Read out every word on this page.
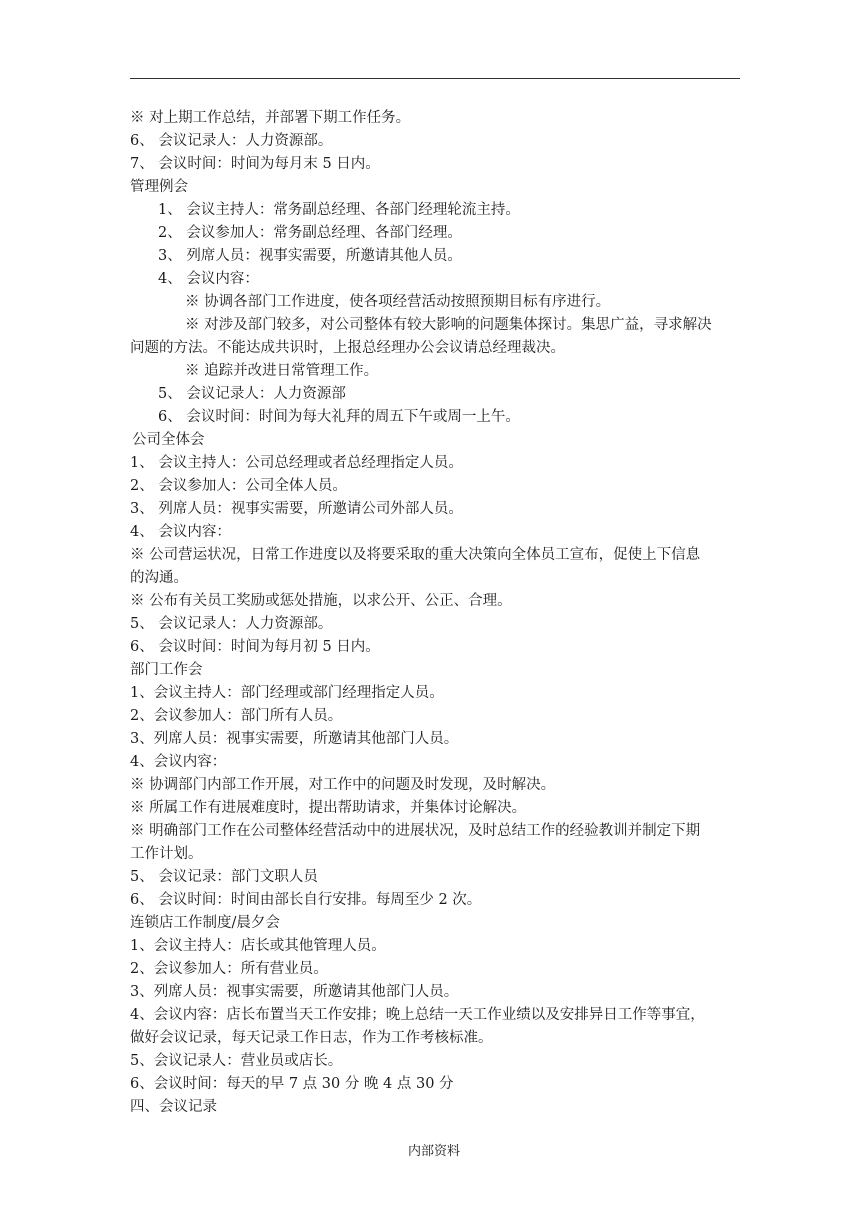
※ 对上期工作总结，并部署下期工作任务。
6、 会议记录人：人力资源部。
7、 会议时间：时间为每月末 5 日内。
管理例会
1、 会议主持人：常务副总经理、各部门经理轮流主持。
2、 会议参加人：常务副总经理、各部门经理。
3、 列席人员：视事实需要，所邀请其他人员。
4、 会议内容：
※ 协调各部门工作进度，使各项经营活动按照预期目标有序进行。
※ 对涉及部门较多，对公司整体有较大影响的问题集体探讨。集思广益，寻求解决
问题的方法。不能达成共识时，上报总经理办公会议请总经理裁决。
※ 追踪并改进日常管理工作。
5、 会议记录人：人力资源部
6、 会议时间：时间为每大礼拜的周五下午或周一上午。
公司全体会
1、 会议主持人：公司总经理或者总经理指定人员。
2、 会议参加人：公司全体人员。
3、 列席人员：视事实需要，所邀请公司外部人员。
4、 会议内容：
※ 公司营运状况，日常工作进度以及将要采取的重大决策向全体员工宣布，促使上下信息
的沟通。
※ 公布有关员工奖励或惩处措施，以求公开、公正、合理。
5、 会议记录人：人力资源部。
6、 会议时间：时间为每月初 5 日内。
部门工作会
1、会议主持人：部门经理或部门经理指定人员。
2、会议参加人：部门所有人员。
3、列席人员：视事实需要，所邀请其他部门人员。
4、会议内容：
※ 协调部门内部工作开展，对工作中的问题及时发现，及时解决。
※ 所属工作有进展难度时，提出帮助请求，并集体讨论解决。
※ 明确部门工作在公司整体经营活动中的进展状况，及时总结工作的经验教训并制定下期
工作计划。
5、 会议记录：部门文职人员
6、 会议时间：时间由部长自行安排。每周至少 2 次。
连锁店工作制度/晨夕会
1、会议主持人：店长或其他管理人员。
2、会议参加人：所有营业员。
3、列席人员：视事实需要，所邀请其他部门人员。
4、会议内容：店长布置当天工作安排；晚上总结一天工作业绩以及安排异日工作等事宜，
做好会议记录，每天记录工作日志，作为工作考核标准。
5、会议记录人：营业员或店长。
6、会议时间：每天的早 7 点 30 分 晚 4 点 30 分
四、会议记录
内部资料
